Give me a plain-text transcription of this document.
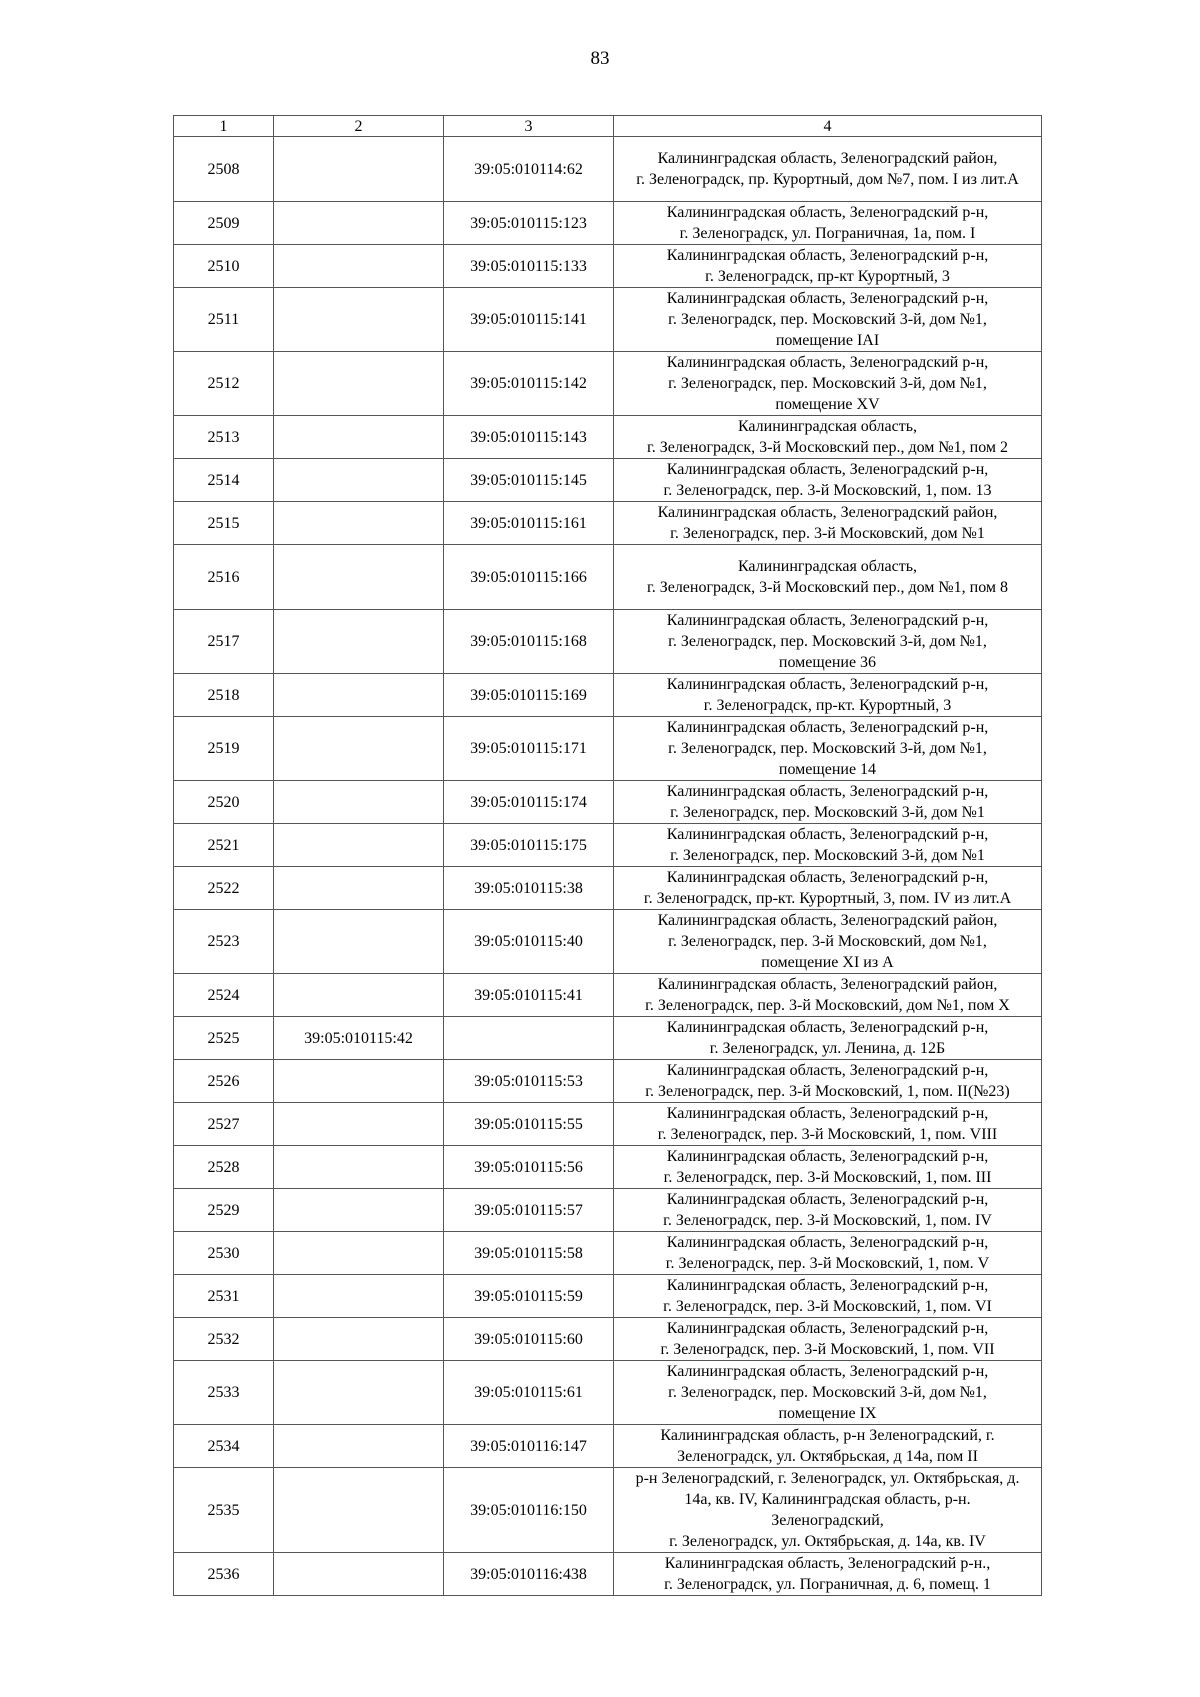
83
1	2	3	4
2508		39:05:010114:62	Калининградская область, Зеленоградский район,
г. Зеленоградск, пр. Курортный, дом №7, пом. I из лит.А
2509		39:05:010115:123	Калининградская область, Зеленоградский р-н,
г. Зеленоградск, ул. Пограничная, 1а, пом. I
2510		39:05:010115:133	Калининградская область, Зеленоградский р-н,
г. Зеленоградск, пр-кт Курортный, 3
2511		39:05:010115:141	Калининградская область, Зеленоградский р-н,
г. Зеленоградск, пер. Московский 3-й, дом №1,
помещение IAI
2512		39:05:010115:142	Калининградская область, Зеленоградский р-н,
г. Зеленоградск, пер. Московский 3-й, дом №1,
помещение XV
2513		39:05:010115:143	Калининградская область,
г. Зеленоградск, 3-й Московский пер., дом №1, пом 2
2514		39:05:010115:145	Калининградская область, Зеленоградский р-н,
г. Зеленоградск, пер. 3-й Московский, 1, пом. 13
2515		39:05:010115:161	Калининградская область, Зеленоградский район,
г. Зеленоградск, пер. 3-й Московский, дом №1
2516		39:05:010115:166	Калининградская область,
г. Зеленоградск, 3-й Московский пер., дом №1, пом 8
2517		39:05:010115:168	Калининградская область, Зеленоградский р-н,
г. Зеленоградск, пер. Московский 3-й, дом №1,
помещение 36
2518		39:05:010115:169	Калининградская область, Зеленоградский р-н,
г. Зеленоградск, пр-кт. Курортный, 3
2519		39:05:010115:171	Калининградская область, Зеленоградский р-н,
г. Зеленоградск, пер. Московский 3-й, дом №1,
помещение 14
2520		39:05:010115:174	Калининградская область, Зеленоградский р-н,
г. Зеленоградск, пер. Московский 3-й, дом №1
2521		39:05:010115:175	Калининградская область, Зеленоградский р-н,
г. Зеленоградск, пер. Московский 3-й, дом №1
2522		39:05:010115:38	Калининградская область, Зеленоградский р-н,
г. Зеленоградск, пр-кт. Курортный, 3, пом. IV из лит.А
2523		39:05:010115:40	Калининградская область, Зеленоградский район,
г. Зеленоградск, пер. 3-й Московский, дом №1,
помещение XI из А
2524		39:05:010115:41	Калининградская область, Зеленоградский район,
г. Зеленоградск, пер. 3-й Московский, дом №1, пом X
2525	39:05:010115:42		Калининградская область, Зеленоградский р-н,
г. Зеленоградск, ул. Ленина, д. 12Б
2526		39:05:010115:53	Калининградская область, Зеленоградский р-н,
г. Зеленоградск, пер. 3-й Московский, 1, пом. II(№23)
2527		39:05:010115:55	Калининградская область, Зеленоградский р-н,
г. Зеленоградск, пер. 3-й Московский, 1, пом. VIII
2528		39:05:010115:56	Калининградская область, Зеленоградский р-н,
г. Зеленоградск, пер. 3-й Московский, 1, пом. III
2529		39:05:010115:57	Калининградская область, Зеленоградский р-н,
г. Зеленоградск, пер. 3-й Московский, 1, пом. IV
2530		39:05:010115:58	Калининградская область, Зеленоградский р-н,
г. Зеленоградск, пер. 3-й Московский, 1, пом. V
2531		39:05:010115:59	Калининградская область, Зеленоградский р-н,
г. Зеленоградск, пер. 3-й Московский, 1, пом. VI
2532		39:05:010115:60	Калининградская область, Зеленоградский р-н,
г. Зеленоградск, пер. 3-й Московский, 1, пом. VII
2533		39:05:010115:61	Калининградская область, Зеленоградский р-н,
г. Зеленоградск, пер. Московский 3-й, дом №1,
помещение IX
2534		39:05:010116:147	Калининградская область, р-н Зеленоградский, г.
Зеленоградск, ул. Октябрьская, д 14а, пом II
2535		39:05:010116:150	р-н Зеленоградский, г. Зеленоградск, ул. Октябрьская, д.
14а, кв. IV, Калининградская область, р-н.
Зеленоградский,
г. Зеленоградск, ул. Октябрьская, д. 14а, кв. IV
2536		39:05:010116:438	Калининградская область, Зеленоградский р-н.,
г. Зеленоградск, ул. Пограничная, д. 6, помещ. 1
